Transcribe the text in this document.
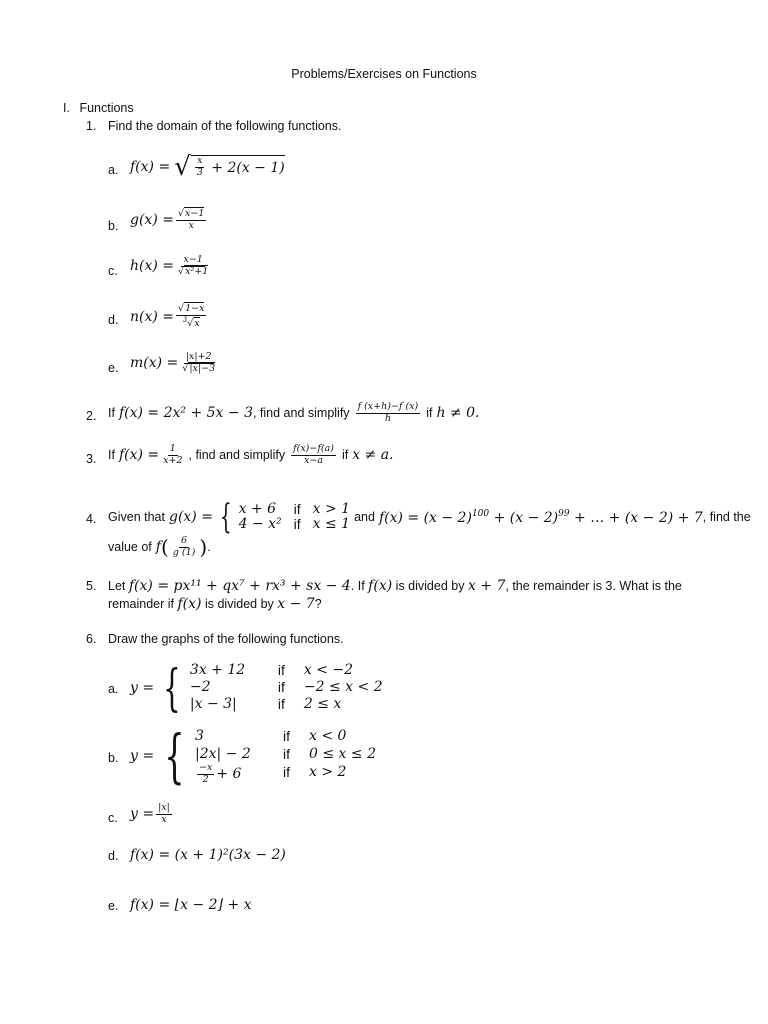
Problems/Exercises on Functions
I. Functions
1. Find the domain of the following functions.
a. f(x) = √ $\frac{x}{3} + 2(x - 1)$
b. $g(x) = \frac{√x-1}{x}$
c. $h(x) = \frac{x-1}{\text{√x²+1}}$
d. $n(x) = \frac{√1-x}{^3√x}$
e. $m(x) = \frac{|x|+2}{√|x|-3}$
2. If f(x) = 2x² + 5x − 3 , find and simplify $\frac{f (x+h)-f (x)}{h}$ if h ≠ 0.
3. If $f(x) = \frac{1}{x+2}$ , find and simplify $\frac{f(x)-f(a)}{x-a}$ if x ≠ a.
4. Given that g(x) = { x + 6	if x > 1
4 − x² if x ≤ 1 and $f(x) = (x - 2)^{100} + (x - 2)^{99}$ + … + (x − 2) + 7 , find the
value of f ( $\frac{6}{g (1)}$ ) .
5. Let f(x) = px¹¹ + qx⁷ + rx³ + sx − 4. If f(x) is divided by x + 7, the remainder is 3. What is the
remainder if f(x) is divided by x − 7?
6. Draw the graphs of the following functions.
a. y = { 3x + 12	if	x < −2
−2	if	−2 ≤ x < 2
|x − 3|	if	2 ≤ x
b. y = { 3	if	x < 0
|2x| − 2	if	0 ≤ x ≤ 2
$\frac{-x}{2} + 6$	if	x > 2
c. $y = \frac{|x|}{x}$
d. f(x) = (x + 1)²(3x − 2)
e. f(x) = ⌊x − 2⌋ + x
